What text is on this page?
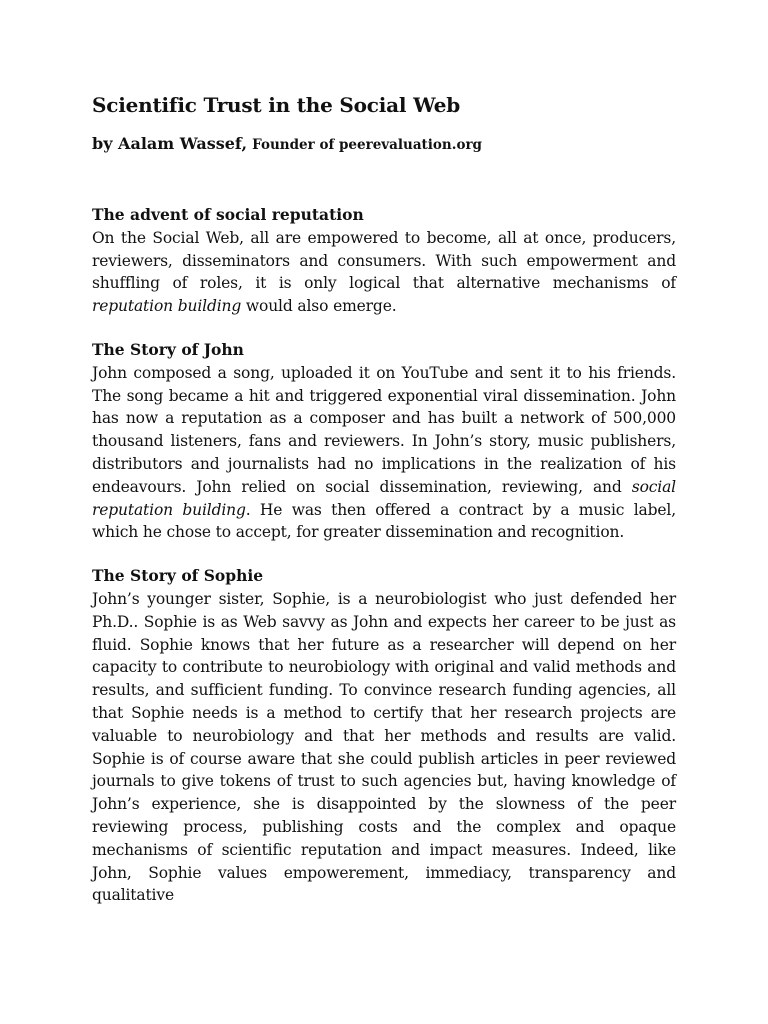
Scientific Trust in the Social Web

by Aalam Wassef, Founder of peerevaluation.org

The advent of social reputation

On the Social Web, all are empowered to become, all at once, producers, reviewers, disseminators and consumers. With such empowerment and shuffling of roles, it is only logical that alternative mechanisms of reputation building would also emerge.

The Story of John

John composed a song, uploaded it on YouTube and sent it to his friends. The song became a hit and triggered exponential viral dissemination. John has now a reputation as a composer and has built a network of 500,000 thousand listeners, fans and reviewers. In John’s story, music publishers, distributors and journalists had no implications in the realization of his endeavours. John relied on social dissemination, reviewing, and social reputation building. He was then offered a contract by a music label, which he chose to accept, for greater dissemination and recognition.

The Story of Sophie

John’s younger sister, Sophie, is a neurobiologist who just defended her Ph.D.. Sophie is as Web savvy as John and expects her career to be just as fluid. Sophie knows that her future as a researcher will depend on her capacity to contribute to neurobiology with original and valid methods and results, and sufficient funding. To convince research funding agencies, all that Sophie needs is a method to certify that her research projects are valuable to neurobiology and that her methods and results are valid. Sophie is of course aware that she could publish articles in peer reviewed journals to give tokens of trust to such agencies but, having knowledge of John’s experience, she is disappointed by the slowness of the peer reviewing process, publishing costs and the complex and opaque mechanisms of scientific reputation and impact measures. Indeed, like John, Sophie values empowerement, immediacy, transparency and qualitative
